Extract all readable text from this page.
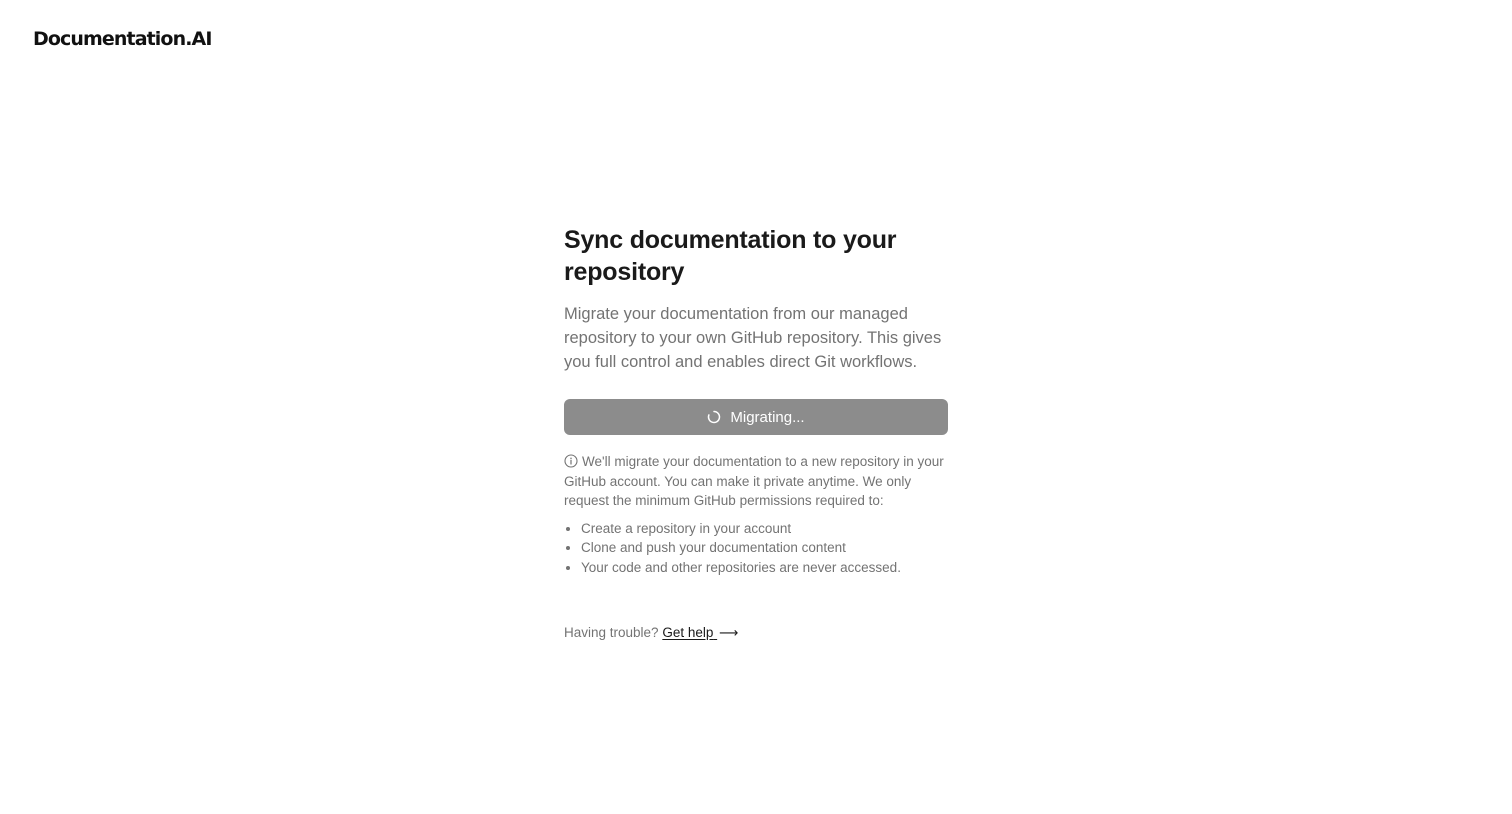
Documentation.AI
Sync documentation to your repository

Migrate your documentation from our managed repository to your own GitHub repository. This gives you full control and enables direct Git workflows.

Migrating...
We'll migrate your documentation to a new repository in your GitHub account. You can make it private anytime. We only request the minimum GitHub permissions required to:
• Create a repository in your account
• Clone and push your documentation content
• Your code and other repositories are never accessed.
Having trouble? Get help ⟶
